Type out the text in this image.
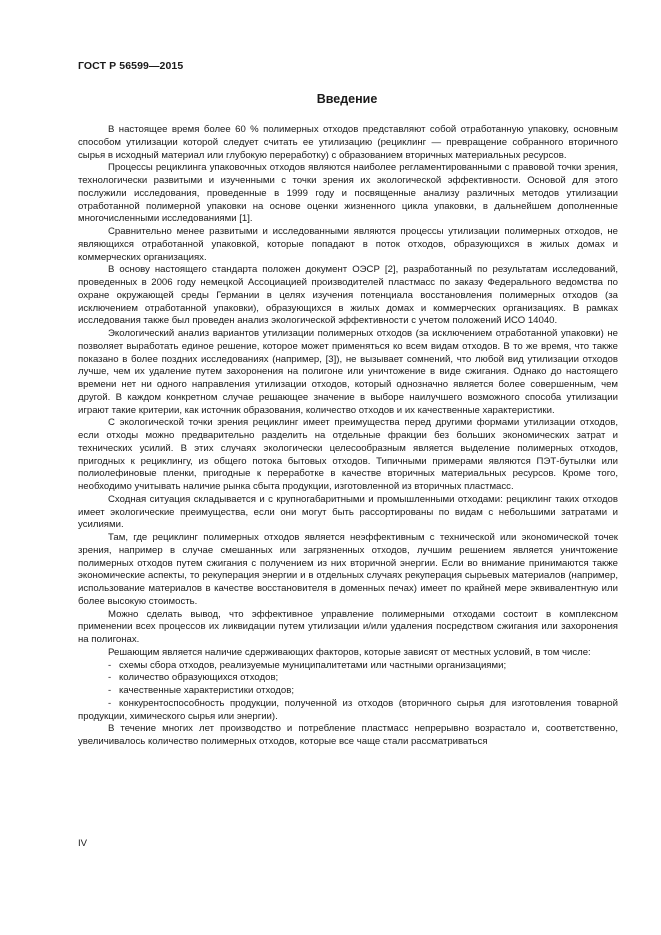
ГОСТ Р 56599—2015
Введение

В настоящее время более 60 % полимерных отходов представляют собой отработанную упаковку, основным способом утилизации которой следует считать ее утилизацию (рециклинг — превращение собранного вторичного сырья в исходный материал или глубокую переработку) с образованием вторичных материальных ресурсов.

Процессы рециклинга упаковочных отходов являются наиболее регламентированными с правовой точки зрения, технологически развитыми и изученными с точки зрения их экологической эффективности. Основой для этого послужили исследования, проведенные в 1999 году и посвященные анализу различных методов утилизации отработанной полимерной упаковки на основе оценки жизненного цикла упаковки, в дальнейшем дополненные многочисленными исследованиями [1].

Сравнительно менее развитыми и исследованными являются процессы утилизации полимерных отходов, не являющихся отработанной упаковкой, которые попадают в поток отходов, образующихся в жилых домах и коммерческих организациях.

В основу настоящего стандарта положен документ ОЭСР [2], разработанный по результатам исследований, проведенных в 2006 году немецкой Ассоциацией производителей пластмасс по заказу Федерального ведомства по охране окружающей среды Германии в целях изучения потенциала восстановления полимерных отходов (за исключением отработанной упаковки), образующихся в жилых домах и коммерческих организациях. В рамках исследования также был проведен анализ экологической эффективности с учетом положений ИСО 14040.

Экологический анализ вариантов утилизации полимерных отходов (за исключением отработанной упаковки) не позволяет выработать единое решение, которое может применяться ко всем видам отходов. В то же время, что также показано в более поздних исследованиях (например, [3]), не вызывает сомнений, что любой вид утилизации отходов лучше, чем их удаление путем захоронения на полигоне или уничтожение в виде сжигания. Однако до настоящего времени нет ни одного направления утилизации отходов, который однозначно является более совершенным, чем другой. В каждом конкретном случае решающее значение в выборе наилучшего возможного способа утилизации играют такие критерии, как источник образования, количество отходов и их качественные характеристики.

С экологической точки зрения рециклинг имеет преимущества перед другими формами утилизации отходов, если отходы можно предварительно разделить на отдельные фракции без больших экономических затрат и технических усилий. В этих случаях экологически целесообразным является выделение полимерных отходов, пригодных к рециклингу, из общего потока бытовых отходов. Типичными примерами являются ПЭТ-бутылки или полиолефиновые пленки, пригодные к переработке в качестве вторичных материальных ресурсов. Кроме того, необходимо учитывать наличие рынка сбыта продукции, изготовленной из вторичных пластмасс.

Сходная ситуация складывается и с крупногабаритными и промышленными отходами: рециклинг таких отходов имеет экологические преимущества, если они могут быть рассортированы по видам с небольшими затратами и усилиями.

Там, где рециклинг полимерных отходов является неэффективным с технической или экономической точек зрения, например в случае смешанных или загрязненных отходов, лучшим решением является уничтожение полимерных отходов путем сжигания с получением из них вторичной энергии. Если во внимание принимаются также экономические аспекты, то рекуперация энергии и в отдельных случаях рекуперация сырьевых материалов (например, использование материалов в качестве восстановителя в доменных печах) имеет по крайней мере эквивалентную или более высокую стоимость.

Можно сделать вывод, что эффективное управление полимерными отходами состоит в комплексном применении всех процессов их ликвидации путем утилизации и/или удаления посредством сжигания или захоронения на полигонах.

Решающим является наличие сдерживающих факторов, которые зависят от местных условий, в том числе:

- схемы сбора отходов, реализуемые муниципалитетами или частными организациями;
- количество образующихся отходов;
- качественные характеристики отходов;
- конкурентоспособность продукции, полученной из отходов (вторичного сырья для изготовления товарной продукции, химического сырья или энергии).

В течение многих лет производство и потребление пластмасс непрерывно возрастало и, соответственно, увеличивалось количество полимерных отходов, которые все чаще стали рассматриваться

IV
